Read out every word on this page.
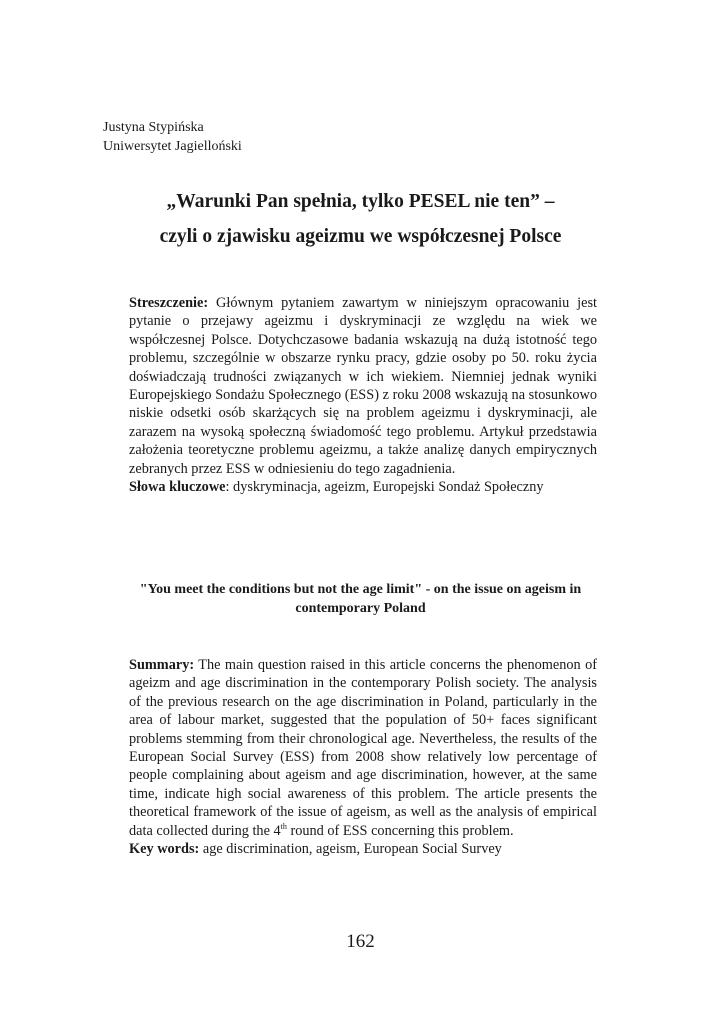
Justyna Stypińska
Uniwersytet Jagielloński
„Warunki Pan spełnia, tylko PESEL nie ten” –
czyli o zjawisku ageizmu we współczesnej Polsce
Streszczenie: Głównym pytaniem zawartym w niniejszym opracowaniu jest pytanie o przejawy ageizmu i dyskryminacji ze względu na wiek we współczesnej Polsce. Dotychczasowe badania wskazują na dużą istotność tego problemu, szczególnie w obszarze rynku pracy, gdzie osoby po 50. roku życia doświadczają trudności związanych w ich wiekiem. Niemniej jednak wyniki Europejskiego Sondażu Społecznego (ESS) z roku 2008 wskazują na stosunkowo niskie odsetki osób skarżących się na problem ageizmu i dyskryminacji, ale zarazem na wysoką społeczną świadomość tego problemu. Artykuł przedstawia założenia teoretyczne problemu ageizmu, a także analizę danych empirycznych zebranych przez ESS w odniesieniu do tego zagadnienia.
Słowa kluczowe: dyskryminacja, ageizm, Europejski Sondaż Społeczny
"You meet the conditions but not the age limit" - on the issue on ageism in contemporary Poland
Summary: The main question raised in this article concerns the phenomenon of ageizm and age discrimination in the contemporary Polish society. The analysis of the previous research on the age discrimination in Poland, particularly in the area of labour market, suggested that the population of 50+ faces significant problems stemming from their chronological age. Nevertheless, the results of the European Social Survey (ESS) from 2008 show relatively low percentage of people complaining about ageism and age discrimination, however, at the same time, indicate high social awareness of this problem. The article presents the theoretical framework of the issue of ageism, as well as the analysis of empirical data collected during the 4th round of ESS concerning this problem.
Key words: age discrimination, ageism, European Social Survey
162
